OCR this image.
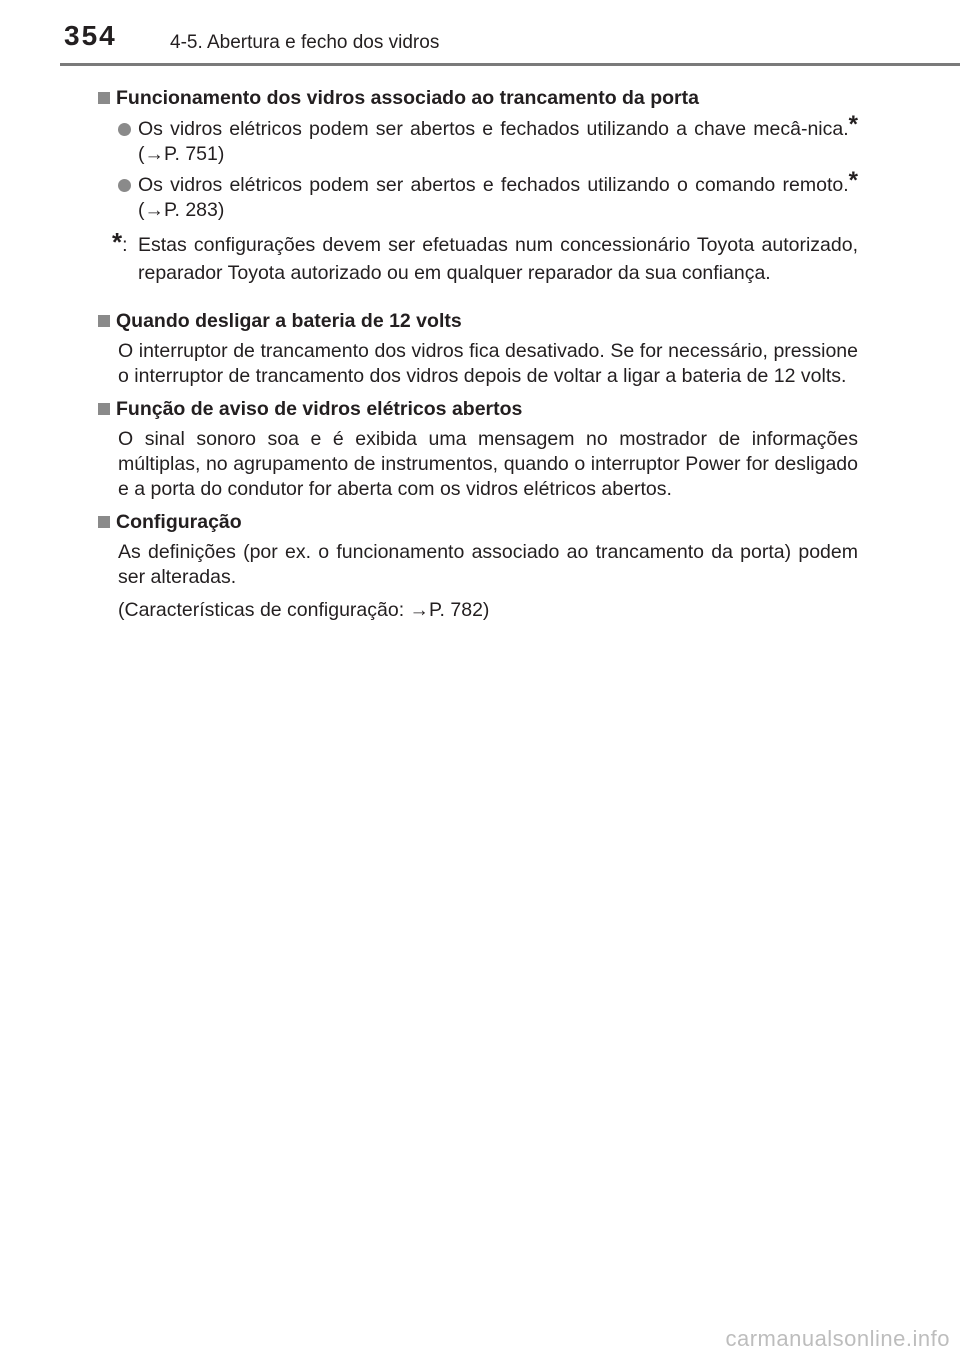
354	4-5. Abertura e fecho dos vidros
Funcionamento dos vidros associado ao trancamento da porta
Os vidros elétricos podem ser abertos e fechados utilizando a chave mecâ-nica.* (→P. 751)
Os vidros elétricos podem ser abertos e fechados utilizando o comando remoto.* (→P. 283)
*: Estas configurações devem ser efetuadas num concessionário Toyota autorizado, reparador Toyota autorizado ou em qualquer reparador da sua confiança.
Quando desligar a bateria de 12 volts
O interruptor de trancamento dos vidros fica desativado. Se for necessário, pressione o interruptor de trancamento dos vidros depois de voltar a ligar a bateria de 12 volts.
Função de aviso de vidros elétricos abertos
O sinal sonoro soa e é exibida uma mensagem no mostrador de informações múltiplas, no agrupamento de instrumentos, quando o interruptor Power for desligado e a porta do condutor for aberta com os vidros elétricos abertos.
Configuração
As definições (por ex. o funcionamento associado ao trancamento da porta) podem ser alteradas.
(Características de configuração: →P. 782)
carmanualsonline.info
